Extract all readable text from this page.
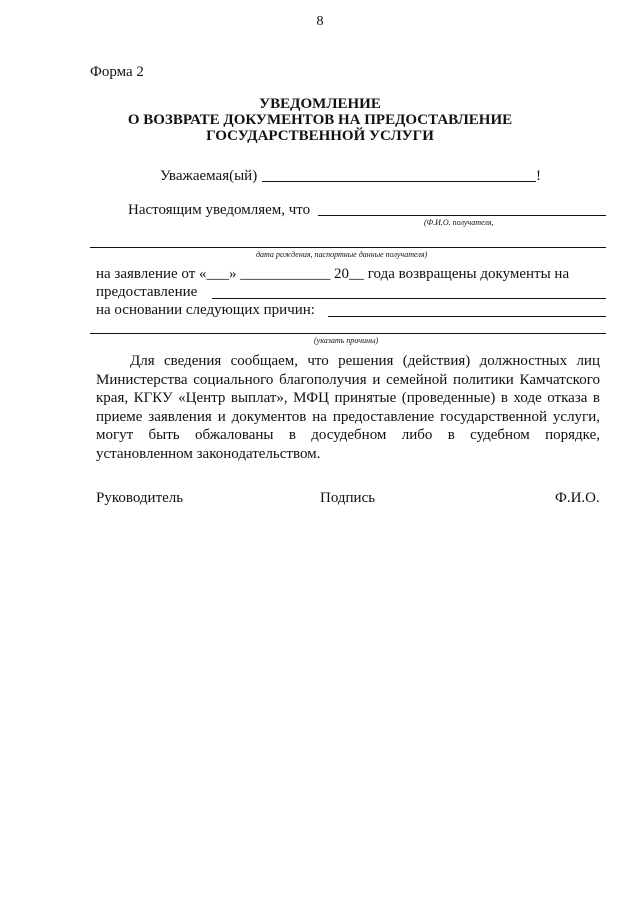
8
Форма 2
УВЕДОМЛЕНИЕ
О ВОЗВРАТЕ ДОКУМЕНТОВ НА ПРЕДОСТАВЛЕНИЕ
ГОСУДАРСТВЕННОЙ УСЛУГИ
Уважаемая(ый)	!
Настоящим уведомляем, что
(Ф.И.О. получателя,
дата рождения, паспортные данные получателя)
на заявление от «___» ____________ 20__ года возвращены документы на
предоставление
на основании следующих причин:
(указать причины)
Для сведения сообщаем, что решения (действия) должностных лиц Министерства социального благополучия и семейной политики Камчатского края, КГКУ «Центр выплат», МФЦ принятые (проведенные) в ходе отказа в приеме заявления и документов на предоставление государственной услуги, могут быть обжалованы в досудебном либо в судебном порядке, установленном законодательством.
Руководитель	Подпись	Ф.И.О.
